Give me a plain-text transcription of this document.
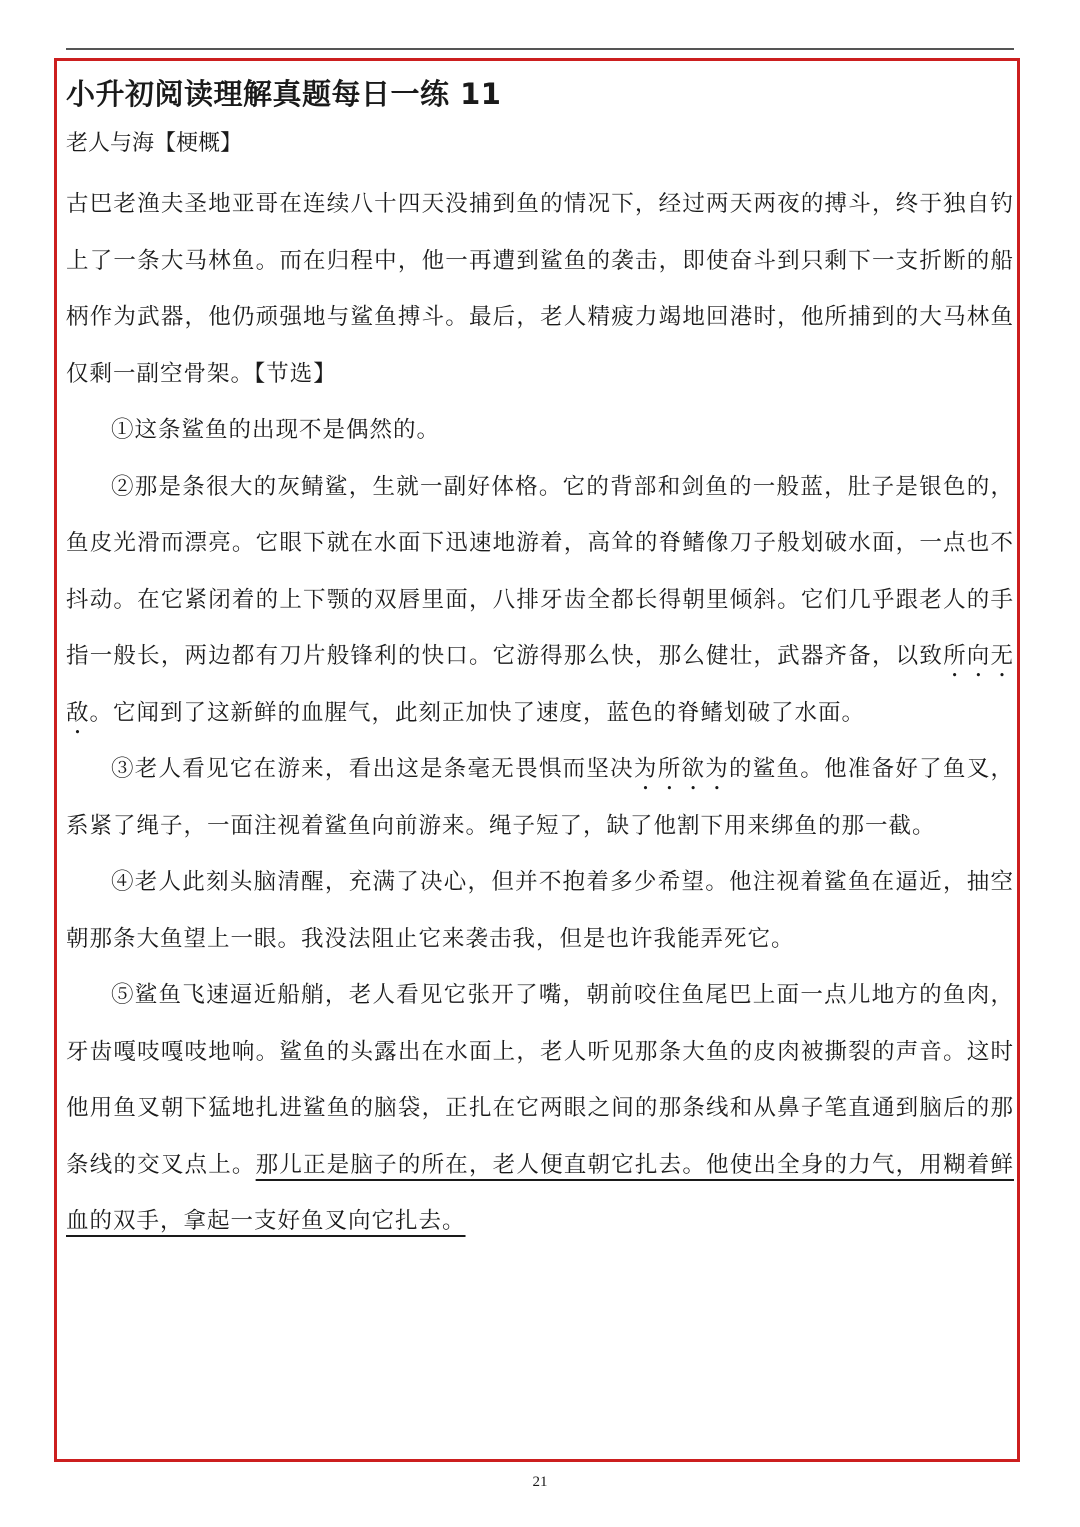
小升初阅读理解真题每日一练 11

老人与海【梗概】

古巴老渔夫圣地亚哥在连续八十四天没捕到鱼的情况下，经过两天两夜的搏斗，终于独自钓上了一条大马林鱼。而在归程中，他一再遭到鲨鱼的袭击，即使奋斗到只剩下一支折断的船柄作为武器，他仍顽强地与鲨鱼搏斗。最后，老人精疲力竭地回港时，他所捕到的大马林鱼仅剩一副空骨架。【节选】

①这条鲨鱼的出现不是偶然的。

②那是条很大的灰鲭鲨，生就一副好体格。它的背部和剑鱼的一般蓝，肚子是银色的，鱼皮光滑而漂亮。它眼下就在水面下迅速地游着，高耸的脊鳍像刀子般划破水面，一点也不抖动。在它紧闭着的上下颚的双唇里面，八排牙齿全都长得朝里倾斜。它们几乎跟老人的手指一般长，两边都有刀片般锋利的快口。它游得那么快，那么健壮，武器齐备，以致所向无敌。它闻到了这新鲜的血腥气，此刻正加快了速度，蓝色的脊鳍划破了水面。

③老人看见它在游来，看出这是条毫无畏惧而坚决为所欲为的鲨鱼。他准备好了鱼叉，系紧了绳子，一面注视着鲨鱼向前游来。绳子短了，缺了他割下用来绑鱼的那一截。

④老人此刻头脑清醒，充满了决心，但并不抱着多少希望。他注视着鲨鱼在逼近，抽空朝那条大鱼望上一眼。我没法阻止它来袭击我，但是也许我能弄死它。

⑤鲨鱼飞速逼近船艄，老人看见它张开了嘴，朝前咬住鱼尾巴上面一点儿地方的鱼肉，牙齿嘎吱嘎吱地响。鲨鱼的头露出在水面上，老人听见那条大鱼的皮肉被撕裂的声音。这时他用鱼叉朝下猛地扎进鲨鱼的脑袋，正扎在它两眼之间的那条线和从鼻子笔直通到脑后的那条线的交叉点上。那儿正是脑子的所在，老人便直朝它扎去。他使出全身的力气，用糊着鲜血的双手，拿起一支好鱼叉向它扎去。

21
